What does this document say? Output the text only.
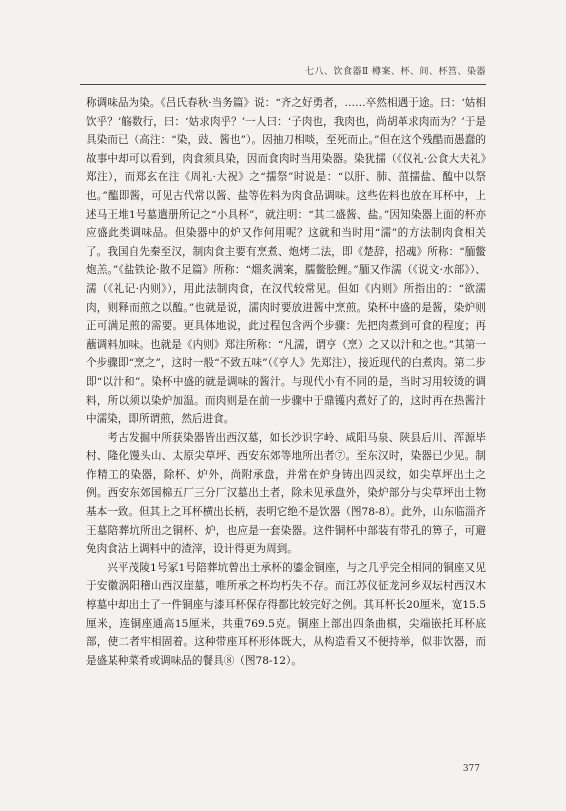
七八、饮食器Ⅱ 樽案、杯、间、杯筥、染器

称调味品为染。《吕氏春秋·当务篇》说：“齐之好勇者，……卒然相遇于途。曰：‘姑相饮乎？’觞数行，曰：‘姑求肉乎？’一人曰：‘子肉也，我肉也，尚胡革求肉而为？’于是具染而已（高注：“染，豉、酱也”）。因抽刀相啖，至死而止。”但在这个残酷而愚蠢的故事中却可以看到，肉食须具染，因而食肉时当用染器。染犹擩（《仪礼·公食大夫礼》郑注），而郑玄在注《周礼·大祝》之“擩祭”时说是：“以肝、肺、菹擩盐、醢中以祭也。”醢即酱，可见古代常以酱、盐等佐料为肉食品调味。这些佐料也放在耳杯中，上述马王堆1号墓遣册所记之“小具杯”，就注明：“其二盛酱、盐。”因知染器上面的杯亦应盛此类调味品。但染器中的炉又作何用呢？这就和当时用“濡”的方法制肉食相关了。我国自先秦至汉，制肉食主要有烹煮、炮烤二法，即《楚辞，招魂》所称：“胹鳖炮羔。”《盐铁论·散不足篇》所称：“熘炙满案，臑鳖脍鲤。”胹又作濡（《说文·水部》）、濡（《礼记·内则》），用此法制肉食，在汉代较常见。但如《内则》所指出的：“欲濡肉，则释而煎之以醢。”也就是说，濡肉时要放进酱中烹煎。染杯中盛的是酱，染炉则正可满足煎的需要。更具体地说，此过程包含两个步骤：先把肉煮到可食的程度；再蘸调料加味。也就是《内则》郑注所称：“凡濡，谓亨（烹）之又以汁和之也。”其第一个步骤即“烹之”，这时一般“不致五味”（《亨人》先郑注），接近现代的白煮肉。第二步即“以汁和”。染杯中盛的就是调味的酱汁。与现代小有不同的是，当时习用较烫的调料，所以须以染炉加温。而肉则是在前一步骤中于鼎镬内煮好了的，这时再在热酱汁中濡染，即所谓煎，然后进食。

考古发掘中所获染器皆出西汉墓，如长沙识字岭、咸阳马泉、陕县后川、浑源毕村、隆化馒头山、太原尖草坪、西安东郊等地所出者⑦。至东汉时，染器已少见。制作精工的染器，除杯、炉外，尚附承盘，并常在炉身铸出四灵纹，如尖草坪出土之例。西安东郊国棉五厂三分厂汉墓出土者，除未见承盘外，染炉部分与尖草坪出土物基本一致。但其上之耳杯横出长柄，表明它绝不是饮器（图78-8）。此外，山东临淄齐王墓陪葬坑所出之铜杯、炉，也应是一套染器。这件铜杯中部装有带孔的箅子，可避免肉食沾上调料中的渣滓，设计得更为周到。

兴平茂陵1号冢1号陪葬坑曾出土承杯的鎏金铜座，与之几乎完全相同的铜座又见于安徽涡阳稽山西汉崖墓，唯所承之杯均朽失不存。而江苏仪征龙河乡双坛村西汉木椁墓中却出土了一件铜座与漆耳杯保存得都比较完好之例。其耳杯长20厘米，宽15.5厘米，连铜座通高15厘米，共重769.5克。铜座上部出四条曲棋，尖端嵌托耳杯底部，使二者牢相固着。这种带座耳杯形体既大，从构造看又不便持举，似非饮器，而是盛某种菜肴或调味品的餐具⑧（图78-12）。

377
